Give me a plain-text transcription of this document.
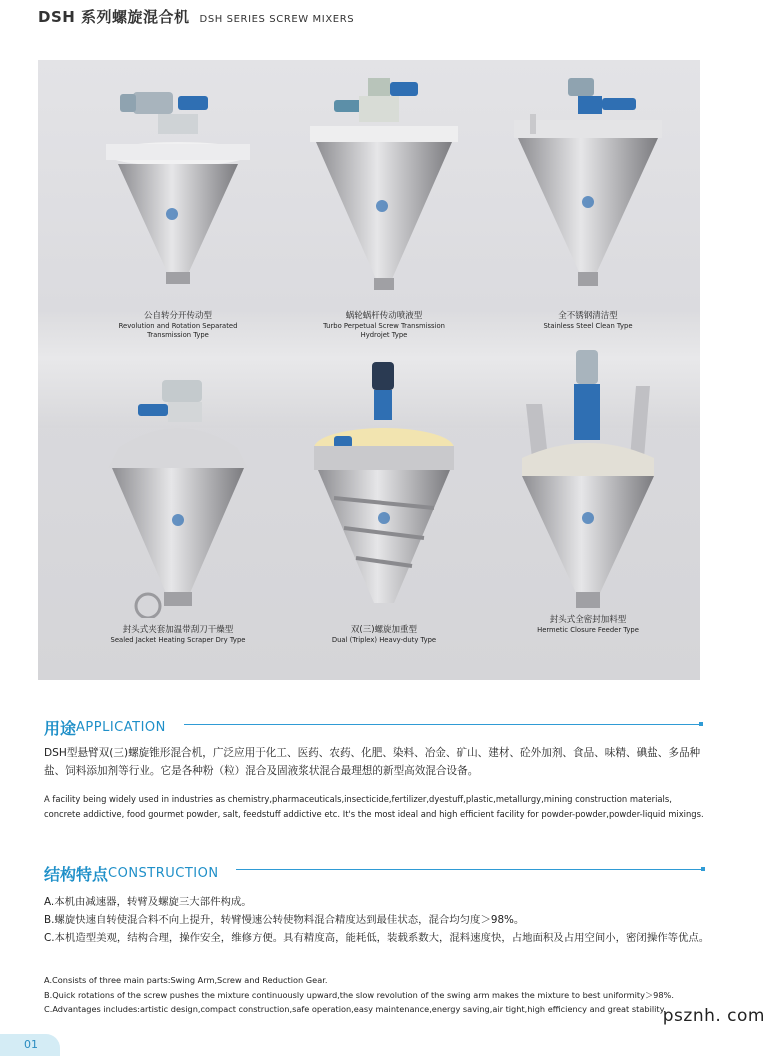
DSH 系列螺旋混合机 DSH SERIES SCREW MIXERS
公自转分开传动型
Revolution and Rotation Separated Transmission Type
蜗轮蜗杆传动喷液型
Turbo Perpetual Screw Transmission Hydrojet Type
全不锈钢清洁型
Stainless Steel Clean Type
封头式夹套加温带刮刀干燥型
Sealed Jacket Heating Scraper Dry Type
双(三)螺旋加重型
Dual (Triplex) Heavy-duty Type
封头式全密封加料型
Hermetic Closure Feeder Type
用途 APPLICATION
DSH型悬臂双(三)螺旋锥形混合机，广泛应用于化工、医药、农药、化肥、染料、冶金、矿山、建材、砼外加剂、食品、味精、碘盐、多品种盐、饲料添加剂等行业。它是各种粉（粒）混合及固液浆状混合最理想的新型高效混合设备。
A facility being widely used in industries as chemistry,pharmaceuticals,insecticide,fertilizer,dyestuff,plastic,metallurgy,mining construction materials, concrete addictive, food gourmet powder, salt, feedstuff addictive etc. It's the most ideal and high efficient facility for powder-powder,powder-liquid mixings.
结构特点 CONSTRUCTION
A.本机由减速器，转臂及螺旋三大部件构成。
B.螺旋快速自转使混合料不向上提升，转臂慢速公转使物料混合精度达到最佳状态，混合均匀度＞98%。
C.本机造型美观，结构合理，操作安全，维修方便。具有精度高，能耗低，装载系数大，混料速度快，占地面积及占用空间小，密闭操作等优点。
A.Consists of three main parts:Swing Arm,Screw and Reduction Gear.
B.Quick rotations of the screw pushes the mixture continuously upward,the slow revolution of the swing arm makes the mixture to best uniformity＞98%.
C.Advantages includes:artistic design,compact construction,safe operation,easy maintenance,energy saving,air tight,high efficiency and great stability.
psznh. com
01
